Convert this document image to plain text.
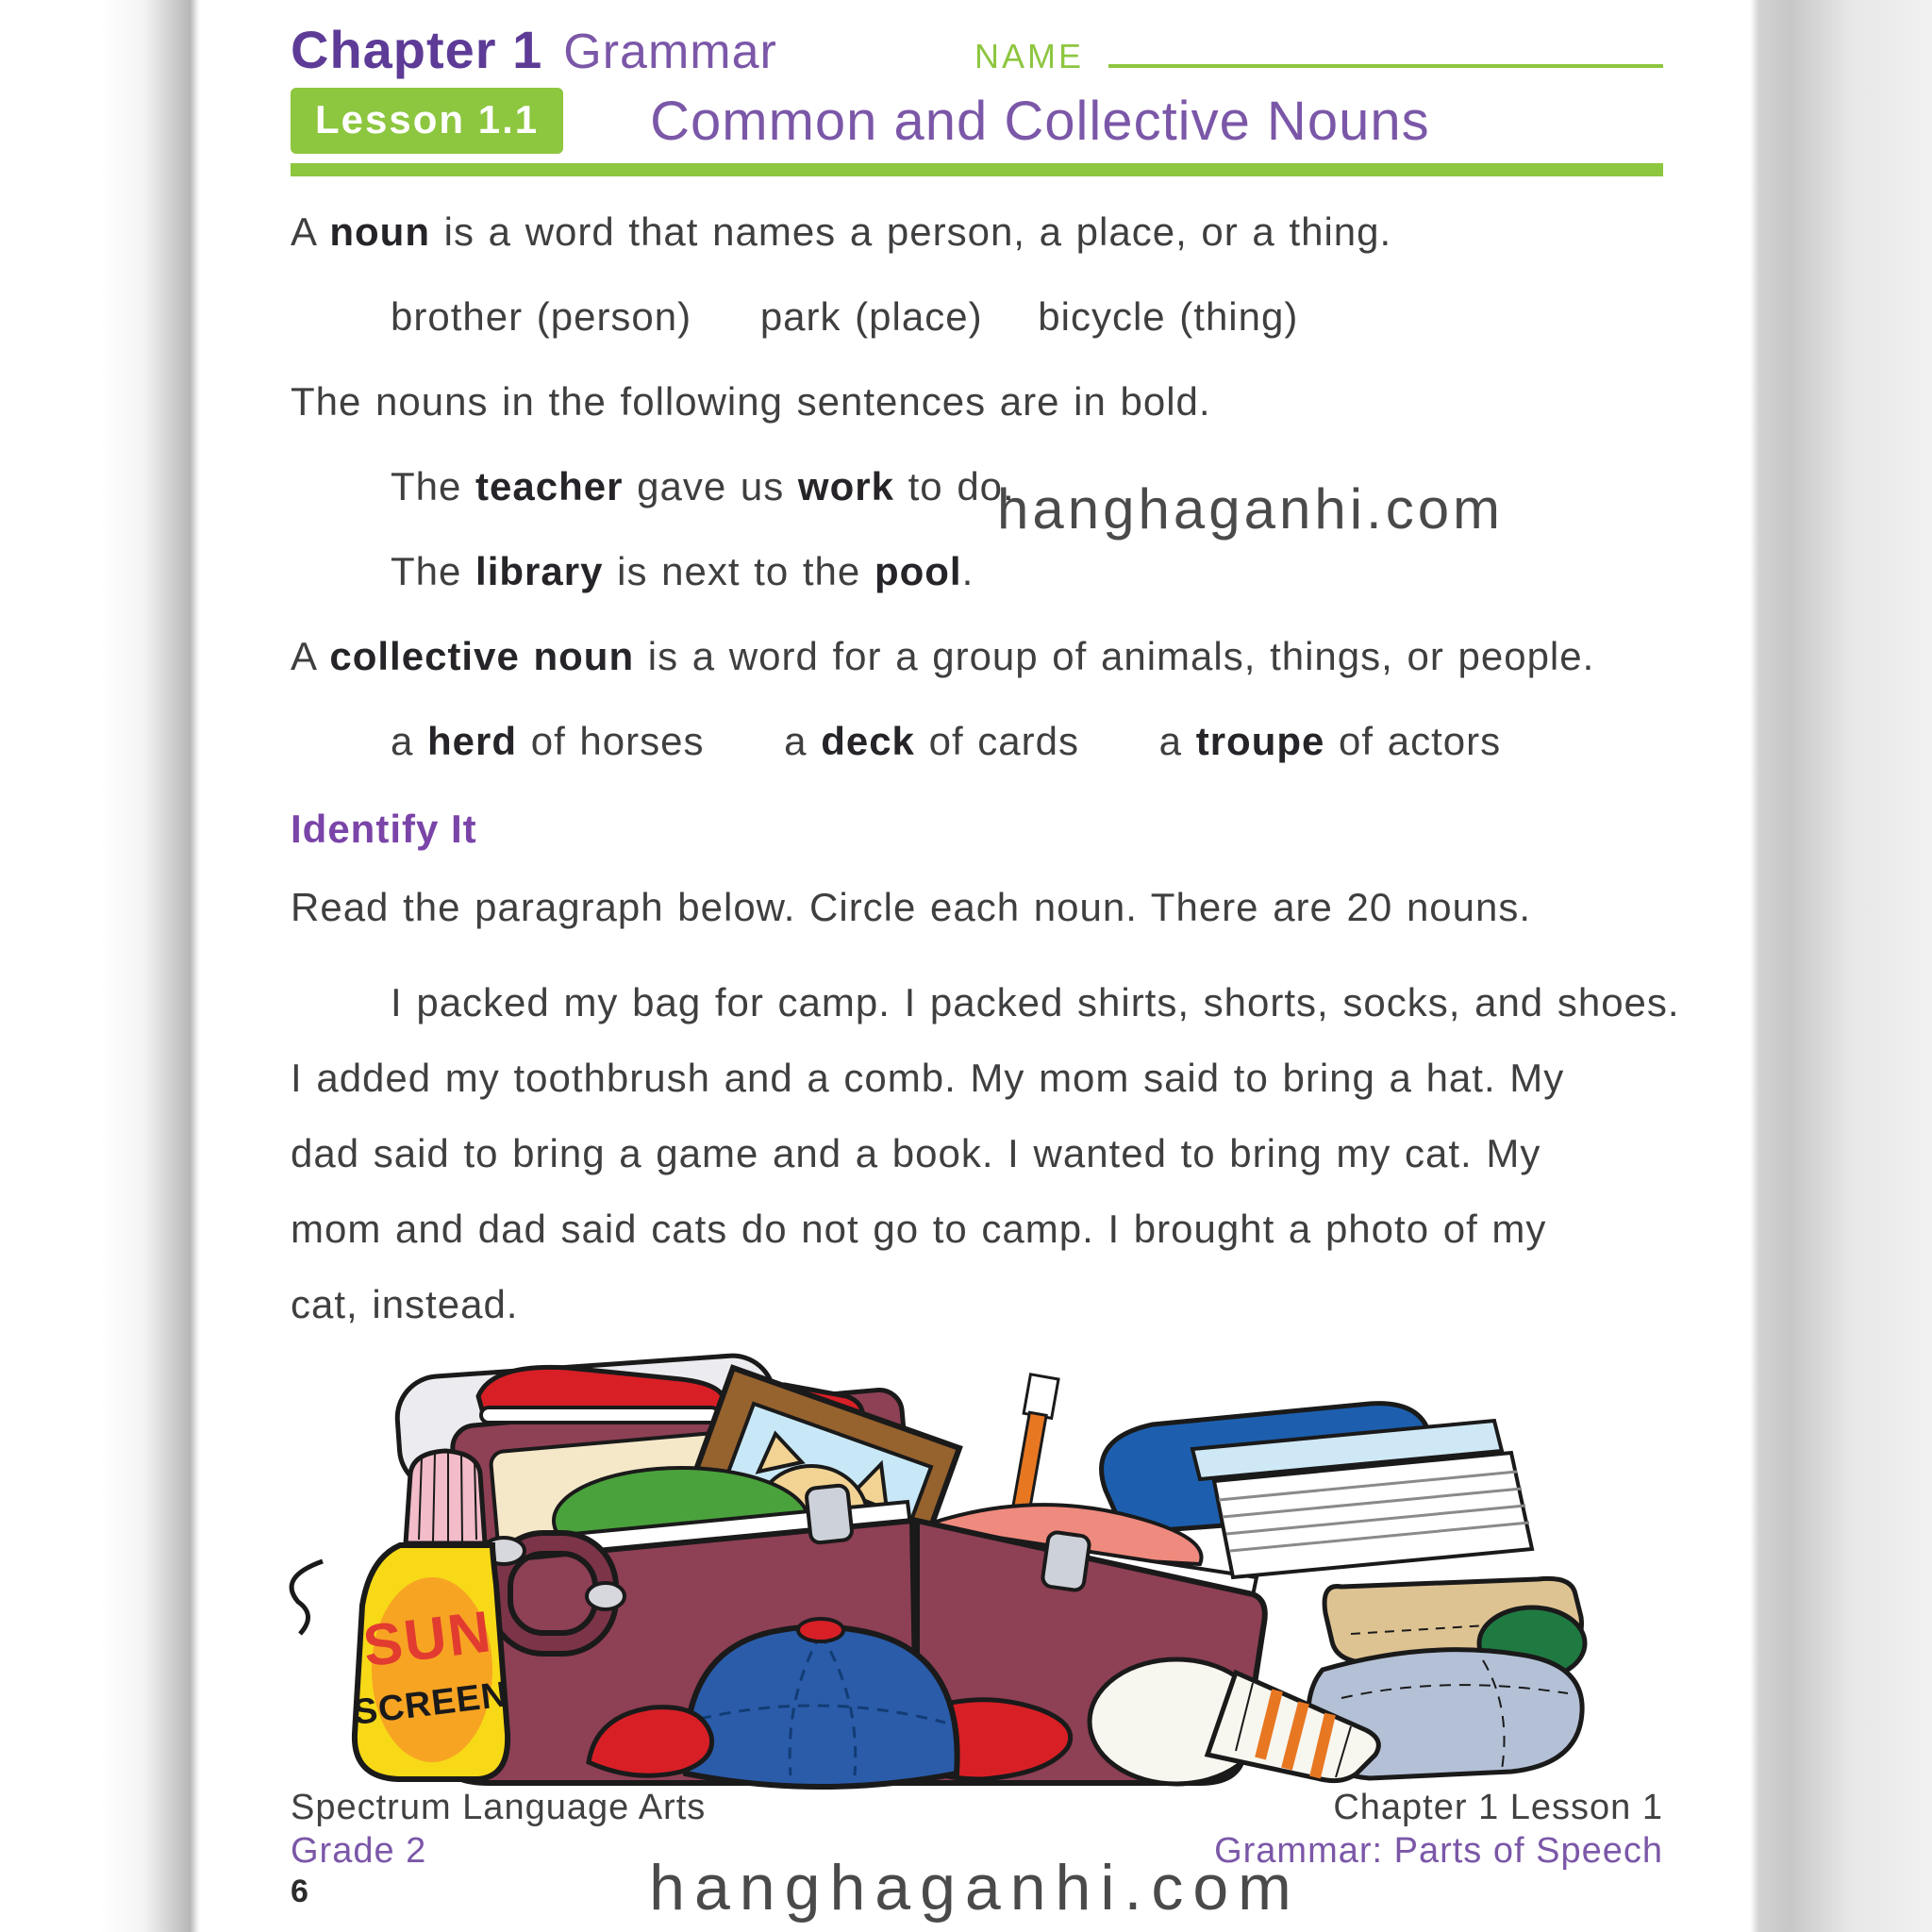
Chapter 1 Grammar	NAME
Lesson 1.1	Common and Collective Nouns
A noun is a word that names a person, a place, or a thing.
brother (person) park (place) bicycle (thing)
The nouns in the following sentences are in bold.
The teacher gave us work to do.
The library is next to the pool.
A collective noun is a word for a group of animals, things, or people.
a herd of horses a deck of cards a troupe of actors
Identify It
Read the paragraph below. Circle each noun. There are 20 nouns.
I packed my bag for camp. I packed shirts, shorts, socks, and shoes.
I added my toothbrush and a comb. My mom said to bring a hat. My
dad said to bring a game and a book. I wanted to bring my cat. My
mom and dad said cats do not go to camp. I brought a photo of my
cat, instead.
hanghaganhi.com
SUN
SCREEN
Spectrum Language Arts
Grade 2
6
Chapter 1 Lesson 1
Grammar: Parts of Speech
hanghaganhi.com
